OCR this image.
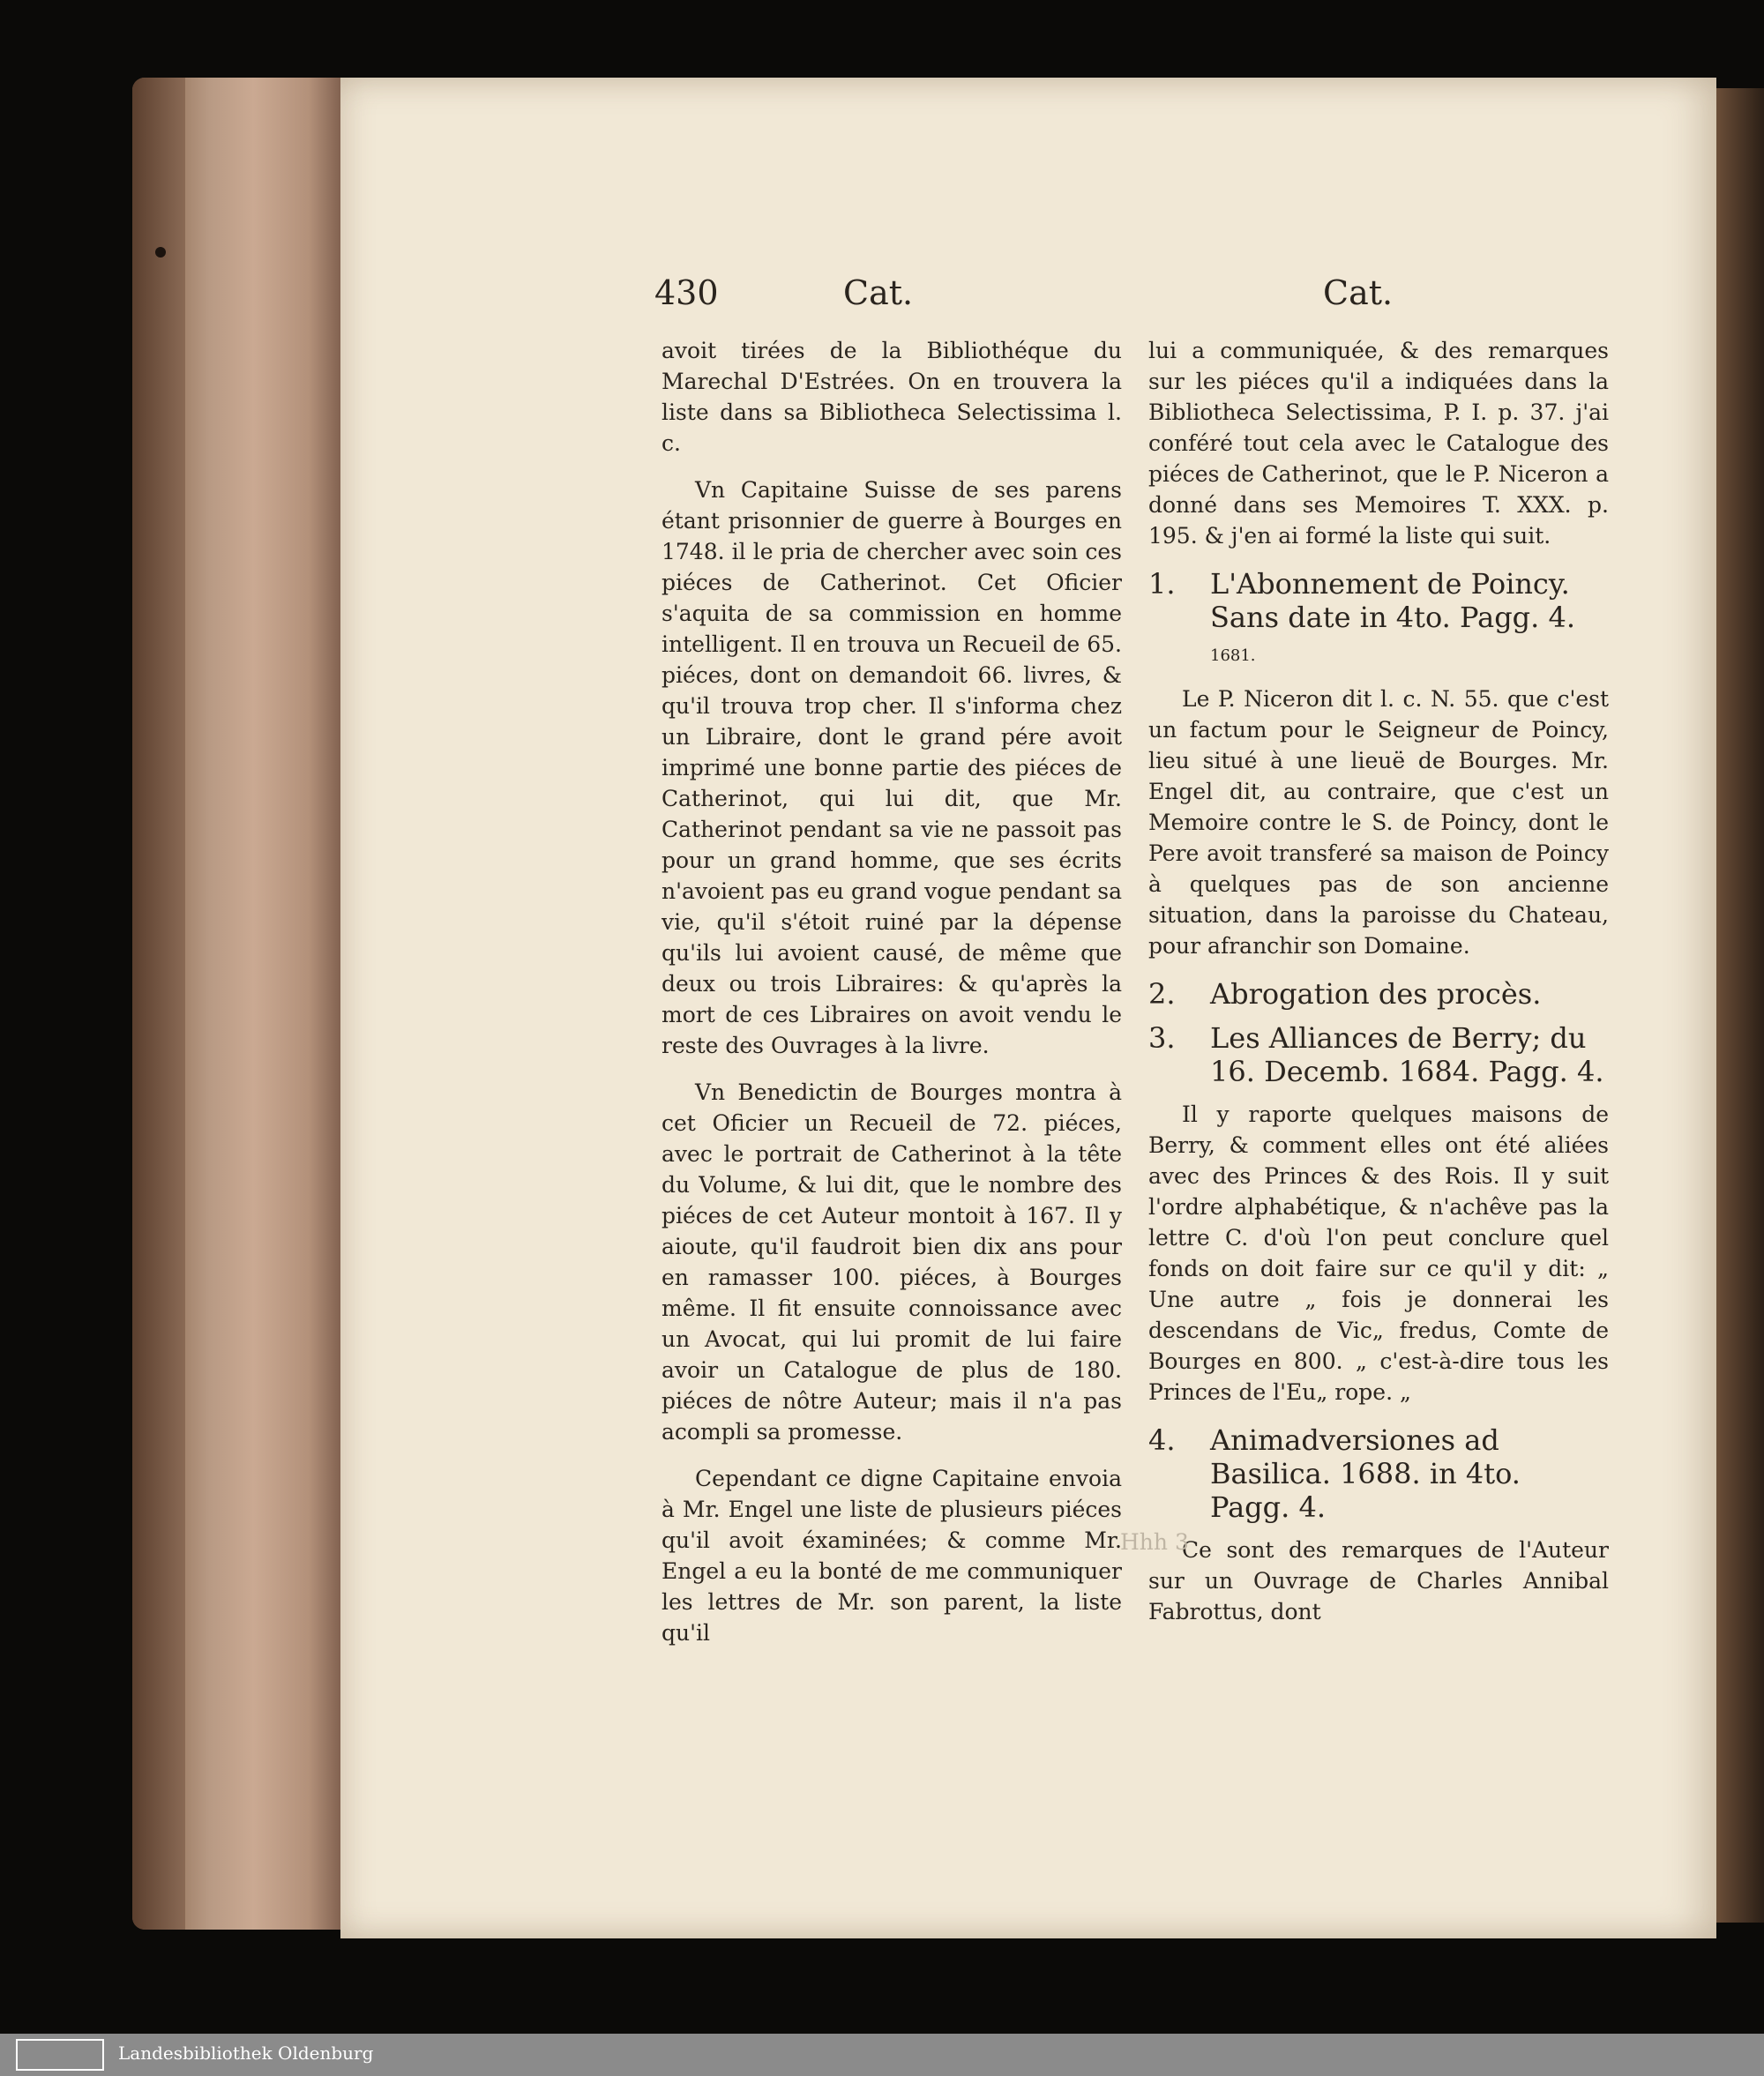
430	Cat.	Cat.

avoit tirées de la Bibliothéque du Marechal D'Estrées. On en trouvera la liste dans sa Bibliotheca Selectissima l. c.

Vn Capitaine Suisse de ses parens étant prisonnier de guerre à Bourges en 1748. il le pria de chercher avec soin ces piéces de Catherinot. Cet Oficier s'aquita de sa commission en homme intelligent. Il en trouva un Recueil de 65. piéces, dont on demandoit 66. livres, & qu'il trouva trop cher. Il s'informa chez un Libraire, dont le grand pére avoit imprimé une bonne partie des piéces de Catherinot, qui lui dit, que Mr. Catherinot pendant sa vie ne passoit pas pour un grand homme, que ses écrits n'avoient pas eu grand vogue pendant sa vie, qu'il s'étoit ruiné par la dépense qu'ils lui avoient causé, de même que deux ou trois Libraires: & qu'après la mort de ces Libraires on avoit vendu le reste des Ouvrages à la livre.

Vn Benedictin de Bourges montra à cet Oficier un Recueil de 72. piéces, avec le portrait de Catherinot à la tête du Volume, & lui dit, que le nombre des piéces de cet Auteur montoit à 167. Il y aioute, qu'il faudroit bien dix ans pour en ramasser 100. piéces, à Bourges même. Il fit ensuite connoissance avec un Avocat, qui lui promit de lui faire avoir un Catalogue de plus de 180. piéces de nôtre Auteur; mais il n'a pas acompli sa promesse.

Cependant ce digne Capitaine envoia à Mr. Engel une liste de plusieurs piéces qu'il avoit éxaminées; & comme Mr. Engel a eu la bonté de me communiquer les lettres de Mr. son parent, la liste qu'il

lui a communiquée, & des remarques sur les piéces qu'il a indiquées dans la Bibliotheca Selectissima, P. I. p. 37. j'ai conféré tout cela avec le Catalogue des piéces de Catherinot, que le P. Niceron a donné dans ses Memoires T. XXX. p. 195. & j'en ai formé la liste qui suit.

1. L'Abonnement de Poincy. Sans date in 4to. Pagg. 4. 1681.

Le P. Niceron dit l. c. N. 55. que c'est un factum pour le Seigneur de Poincy, lieu situé à une lieuë de Bourges. Mr. Engel dit, au contraire, que c'est un Memoire contre le S. de Poincy, dont le Pere avoit transferé sa maison de Poincy à quelques pas de son ancienne situation, dans la paroisse du Chateau, pour afranchir son Domaine.

2. Abrogation des procès.
3. Les Alliances de Berry; du 16. Decemb. 1684. Pagg. 4.

Il y raporte quelques maisons de Berry, & comment elles ont été aliées avec des Princes & des Rois. Il y suit l'ordre alphabétique, & n'achêve pas la lettre C. d'où l'on peut conclure quel fonds on doit faire sur ce qu'il y dit: „ Une autre „ fois je donnerai les descendans de Vic„ fredus, Comte de Bourges en 800. „ c'est-à-dire tous les Princes de l'Eu„ rope. „

4. Animadversiones ad Basilica. 1688. in 4to. Pagg. 4.

Ce sont des remarques de l'Auteur sur un Ouvrage de Charles Annibal Fabrottus, dont

Hhh 3
Landesbibliothek Oldenburg
